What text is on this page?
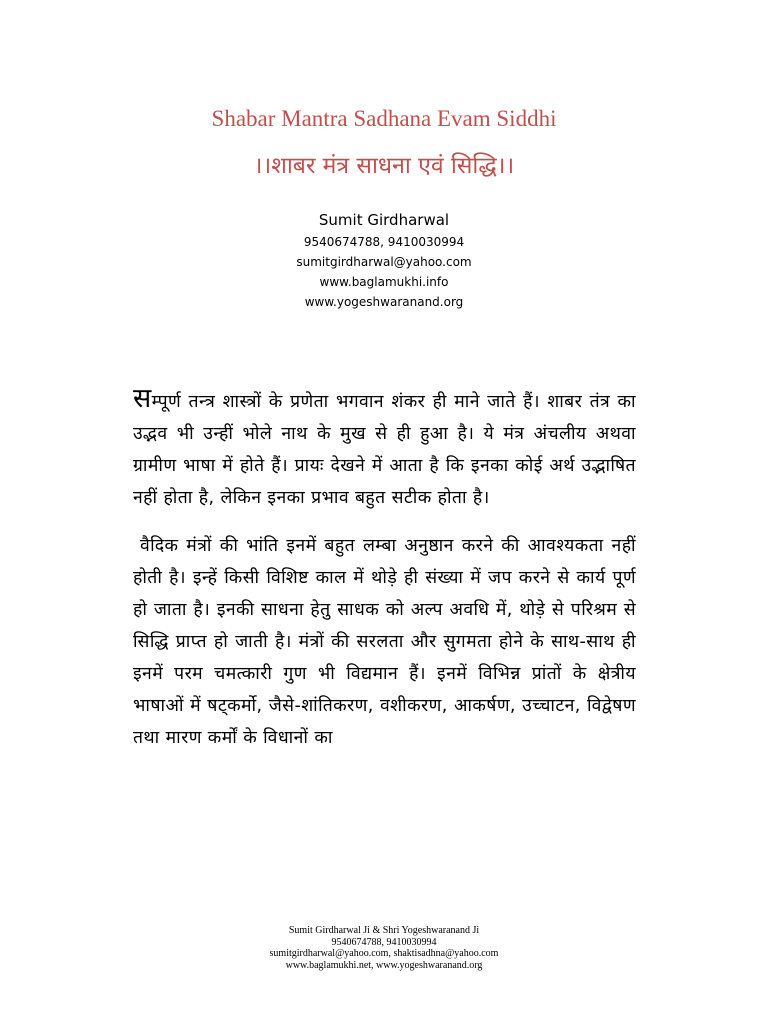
Shabar Mantra Sadhana Evam Siddhi
।।शाबर मंत्र साधना एवं सिद्धि।।
Sumit Girdharwal
9540674788, 9410030994
sumitgirdharwal@yahoo.com
www.baglamukhi.info
www.yogeshwaranand.org

सम्पूर्ण तन्त्र शास्त्रों के प्रणेता भगवान शंकर ही माने जाते हैं। शाबर तंत्र का उद्भव भी उन्हीं भोले नाथ के मुख से ही हुआ है। ये मंत्र अंचलीय अथवा ग्रामीण भाषा में होते हैं। प्रायः देखने में आता है कि इनका कोई अर्थ उद्भाषित नहीं होता है, लेकिन इनका प्रभाव बहुत सटीक होता है।

वैदिक मंत्रों की भांति इनमें बहुत लम्बा अनुष्ठान करने की आवश्यकता नहीं होती है। इन्हें किसी विशिष्ट काल में थोड़े ही संख्या में जप करने से कार्य पूर्ण हो जाता है। इनकी साधना हेतु साधक को अल्प अवधि में, थोड़े से परिश्रम से सिद्धि प्राप्त हो जाती है। मंत्रों की सरलता और सुगमता होने के साथ-साथ ही इनमें परम चमत्कारी गुण भी विद्यमान हैं। इनमें विभिन्न प्रांतों के क्षेत्रीय भाषाओं में षट्कर्मो, जैसे-शांतिकरण, वशीकरण, आकर्षण, उच्चाटन, विद्वेषण तथा मारण कर्मों के विधानों का

Sumit Girdharwal Ji & Shri Yogeshwaranand Ji
9540674788, 9410030994
sumitgirdharwal@yahoo.com, shaktisadhna@yahoo.com
www.baglamukhi.net, www.yogeshwaranand.org
